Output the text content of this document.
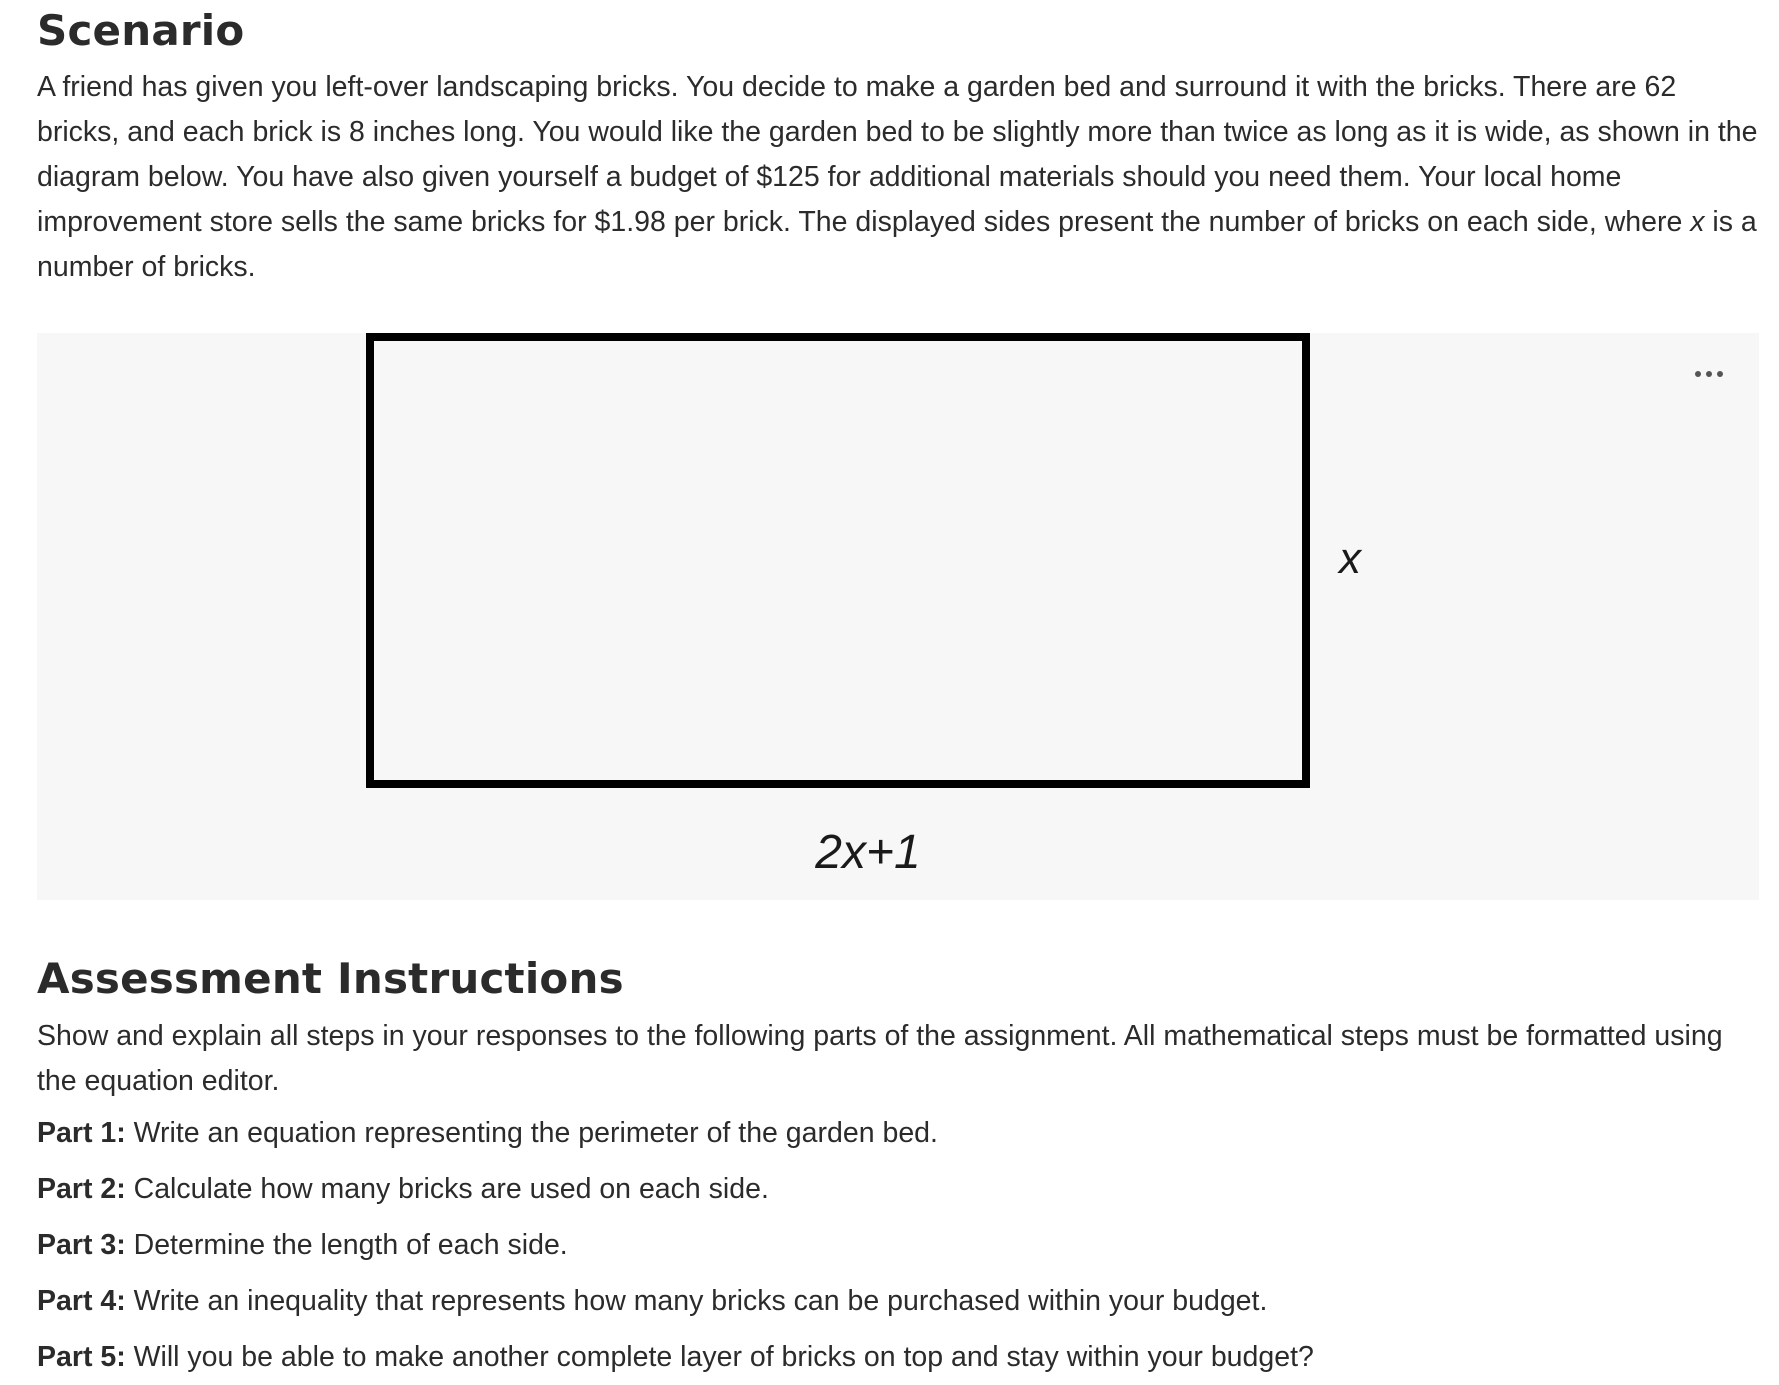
Scenario

A friend has given you left-over landscaping bricks. You decide to make a garden bed and surround it with the bricks. There are 62 bricks, and each brick is 8 inches long. You would like the garden bed to be slightly more than twice as long as it is wide, as shown in the diagram below. You have also given yourself a budget of $125 for additional materials should you need them. Your local home improvement store sells the same bricks for $1.98 per brick. The displayed sides present the number of bricks on each side, where x is a number of bricks.

x
2x+1
Assessment Instructions

Show and explain all steps in your responses to the following parts of the assignment. All mathematical steps must be formatted using the equation editor.

Part 1: Write an equation representing the perimeter of the garden bed.
Part 2: Calculate how many bricks are used on each side.
Part 3: Determine the length of each side.
Part 4: Write an inequality that represents how many bricks can be purchased within your budget.
Part 5: Will you be able to make another complete layer of bricks on top and stay within your budget?
